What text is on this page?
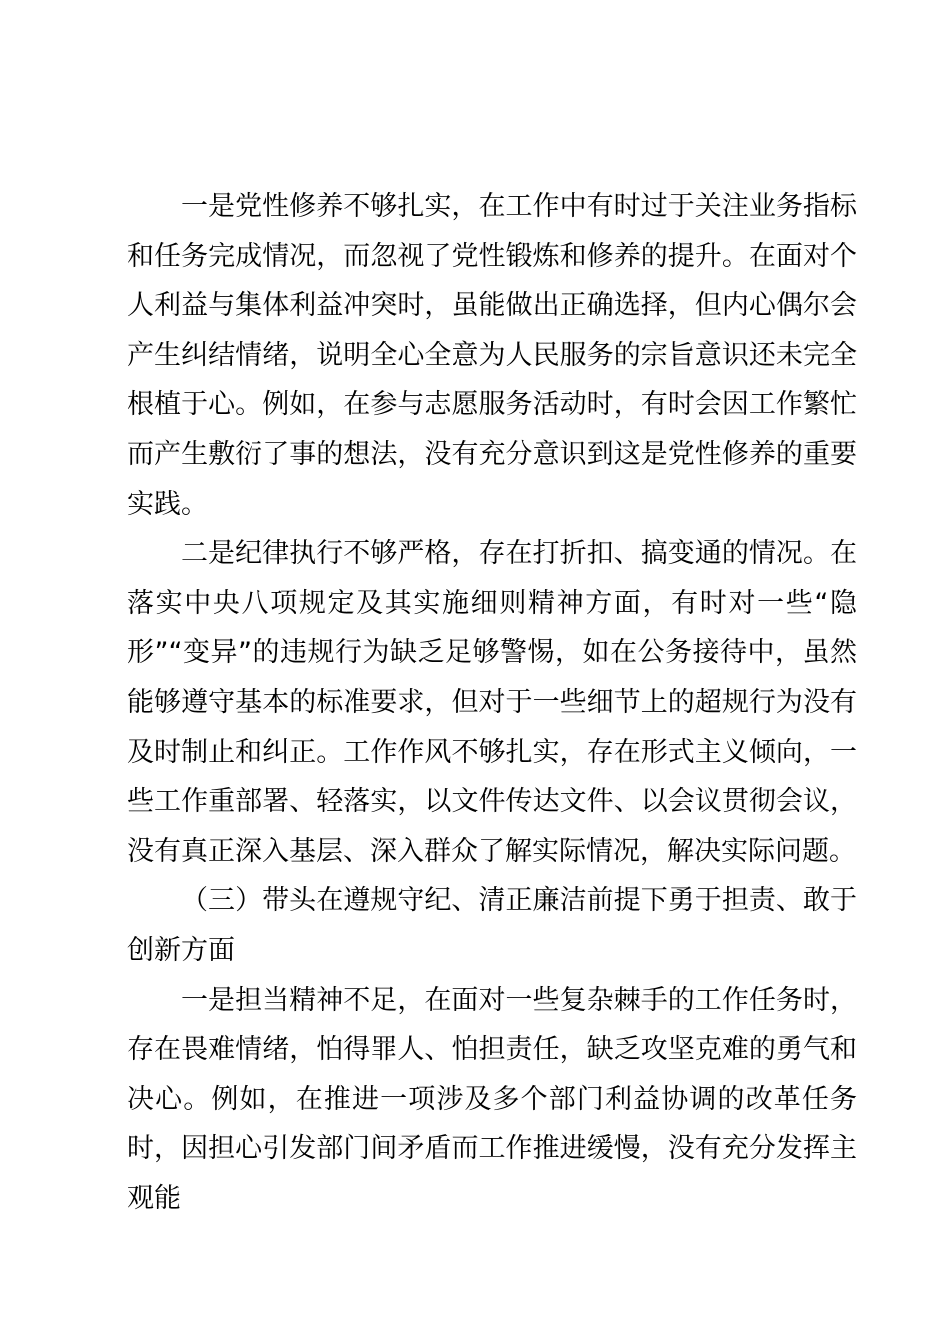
一是党性修养不够扎实，在工作中有时过于关注业务指标和任务完成情况，而忽视了党性锻炼和修养的提升。在面对个人利益与集体利益冲突时，虽能做出正确选择，但内心偶尔会产生纠结情绪，说明全心全意为人民服务的宗旨意识还未完全根植于心。例如，在参与志愿服务活动时，有时会因工作繁忙而产生敷衍了事的想法，没有充分意识到这是党性修养的重要实践。

二是纪律执行不够严格，存在打折扣、搞变通的情况。在落实中央八项规定及其实施细则精神方面，有时对一些“隐形”“变异”的违规行为缺乏足够警惕，如在公务接待中，虽然能够遵守基本的标准要求，但对于一些细节上的超规行为没有及时制止和纠正。工作作风不够扎实，存在形式主义倾向，一些工作重部署、轻落实，以文件传达文件、以会议贯彻会议，没有真正深入基层、深入群众了解实际情况，解决实际问题。

（三）带头在遵规守纪、清正廉洁前提下勇于担责、敢于创新方面

一是担当精神不足，在面对一些复杂棘手的工作任务时，存在畏难情绪，怕得罪人、怕担责任，缺乏攻坚克难的勇气和决心。例如，在推进一项涉及多个部门利益协调的改革任务时，因担心引发部门间矛盾而工作推进缓慢，没有充分发挥主观能
